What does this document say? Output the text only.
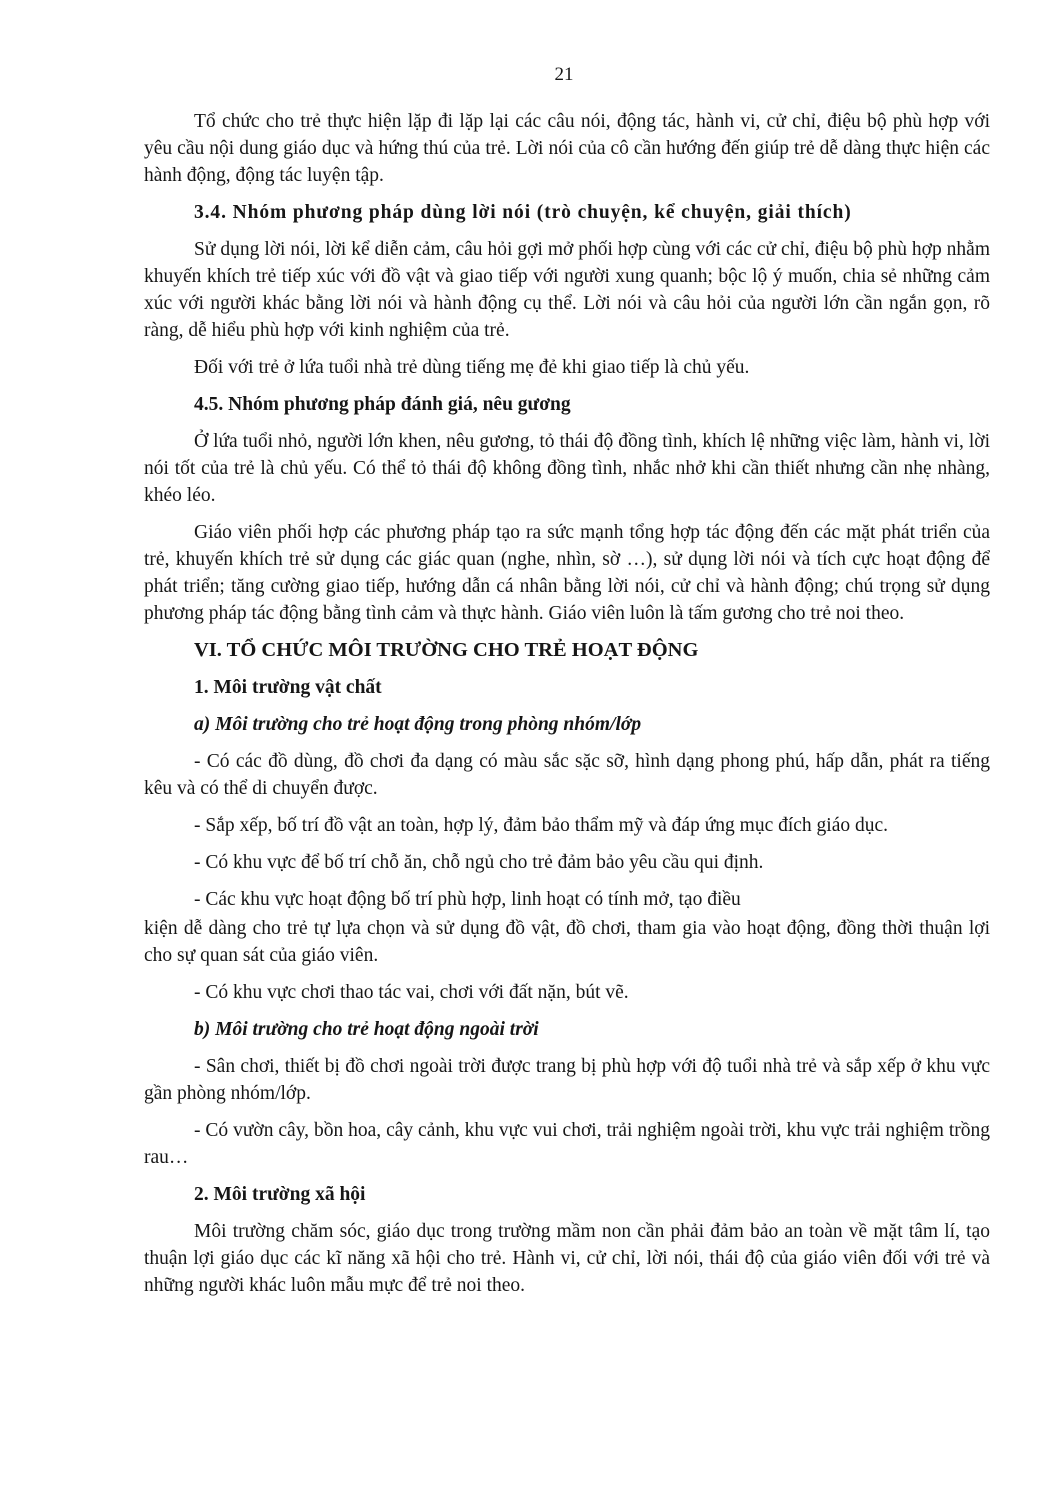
21

Tổ chức cho trẻ thực hiện lặp đi lặp lại các câu nói, động tác, hành vi, cử chỉ, điệu bộ phù hợp với yêu cầu nội dung giáo dục và hứng thú của trẻ. Lời nói của cô cần hướng đến giúp trẻ dễ dàng thực hiện các hành động, động tác luyện tập.

3.4. Nhóm phương pháp dùng lời nói (trò chuyện, kể chuyện, giải thích)

Sử dụng lời nói, lời kể diễn cảm, câu hỏi gợi mở phối hợp cùng với các cử chỉ, điệu bộ phù hợp nhằm khuyến khích trẻ tiếp xúc với đồ vật và giao tiếp với người xung quanh; bộc lộ ý muốn, chia sẻ những cảm xúc với người khác bằng lời nói và hành động cụ thể. Lời nói và câu hỏi của người lớn cần ngắn gọn, rõ ràng, dễ hiểu phù hợp với kinh nghiệm của trẻ.

Đối với trẻ ở lứa tuổi nhà trẻ dùng tiếng mẹ đẻ khi giao tiếp là chủ yếu.

4.5. Nhóm phương pháp đánh giá, nêu gương

Ở lứa tuổi nhỏ, người lớn khen, nêu gương, tỏ thái độ đồng tình, khích lệ những việc làm, hành vi, lời nói tốt của trẻ là chủ yếu. Có thể tỏ thái độ không đồng tình, nhắc nhở khi cần thiết nhưng cần nhẹ nhàng, khéo léo.

Giáo viên phối hợp các phương pháp tạo ra sức mạnh tổng hợp tác động đến các mặt phát triển của trẻ, khuyến khích trẻ sử dụng các giác quan (nghe, nhìn, sờ …), sử dụng lời nói và tích cực hoạt động để phát triển; tăng cường giao tiếp, hướng dẫn cá nhân bằng lời nói, cử chỉ và hành động; chú trọng sử dụng phương pháp tác động bằng tình cảm và thực hành. Giáo viên luôn là tấm gương cho trẻ noi theo.

VI. TỔ CHỨC MÔI TRƯỜNG CHO TRẺ HOẠT ĐỘNG

1. Môi trường vật chất

a) Môi trường cho trẻ hoạt động trong phòng nhóm/lớp

- Có các đồ dùng, đồ chơi đa dạng có màu sắc sặc sỡ, hình dạng phong phú, hấp dẫn, phát ra tiếng kêu và có thể di chuyển được.

- Sắp xếp, bố trí đồ vật an toàn, hợp lý, đảm bảo thẩm mỹ và đáp ứng mục đích giáo dục.

- Có khu vực để bố trí chỗ ăn, chỗ ngủ cho trẻ đảm bảo yêu cầu qui định.

- Các khu vực hoạt động bố trí phù hợp, linh hoạt có tính mở, tạo điều

kiện dễ dàng cho trẻ tự lựa chọn và sử dụng đồ vật, đồ chơi, tham gia vào hoạt động, đồng thời thuận lợi cho sự quan sát của giáo viên.

- Có khu vực chơi thao tác vai, chơi với đất nặn, bút vẽ.

b) Môi trường cho trẻ hoạt động ngoài trời

- Sân chơi, thiết bị đồ chơi ngoài trời được trang bị phù hợp với độ tuổi nhà trẻ và sắp xếp ở khu vực gần phòng nhóm/lớp.

- Có vườn cây, bồn hoa, cây cảnh, khu vực vui chơi, trải nghiệm ngoài trời, khu vực trải nghiệm trồng rau…

2. Môi trường xã hội

Môi trường chăm sóc, giáo dục trong trường mầm non cần phải đảm bảo an toàn về mặt tâm lí, tạo thuận lợi giáo dục các kĩ năng xã hội cho trẻ. Hành vi, cử chỉ, lời nói, thái độ của giáo viên đối với trẻ và những người khác luôn mẫu mực để trẻ noi theo.
